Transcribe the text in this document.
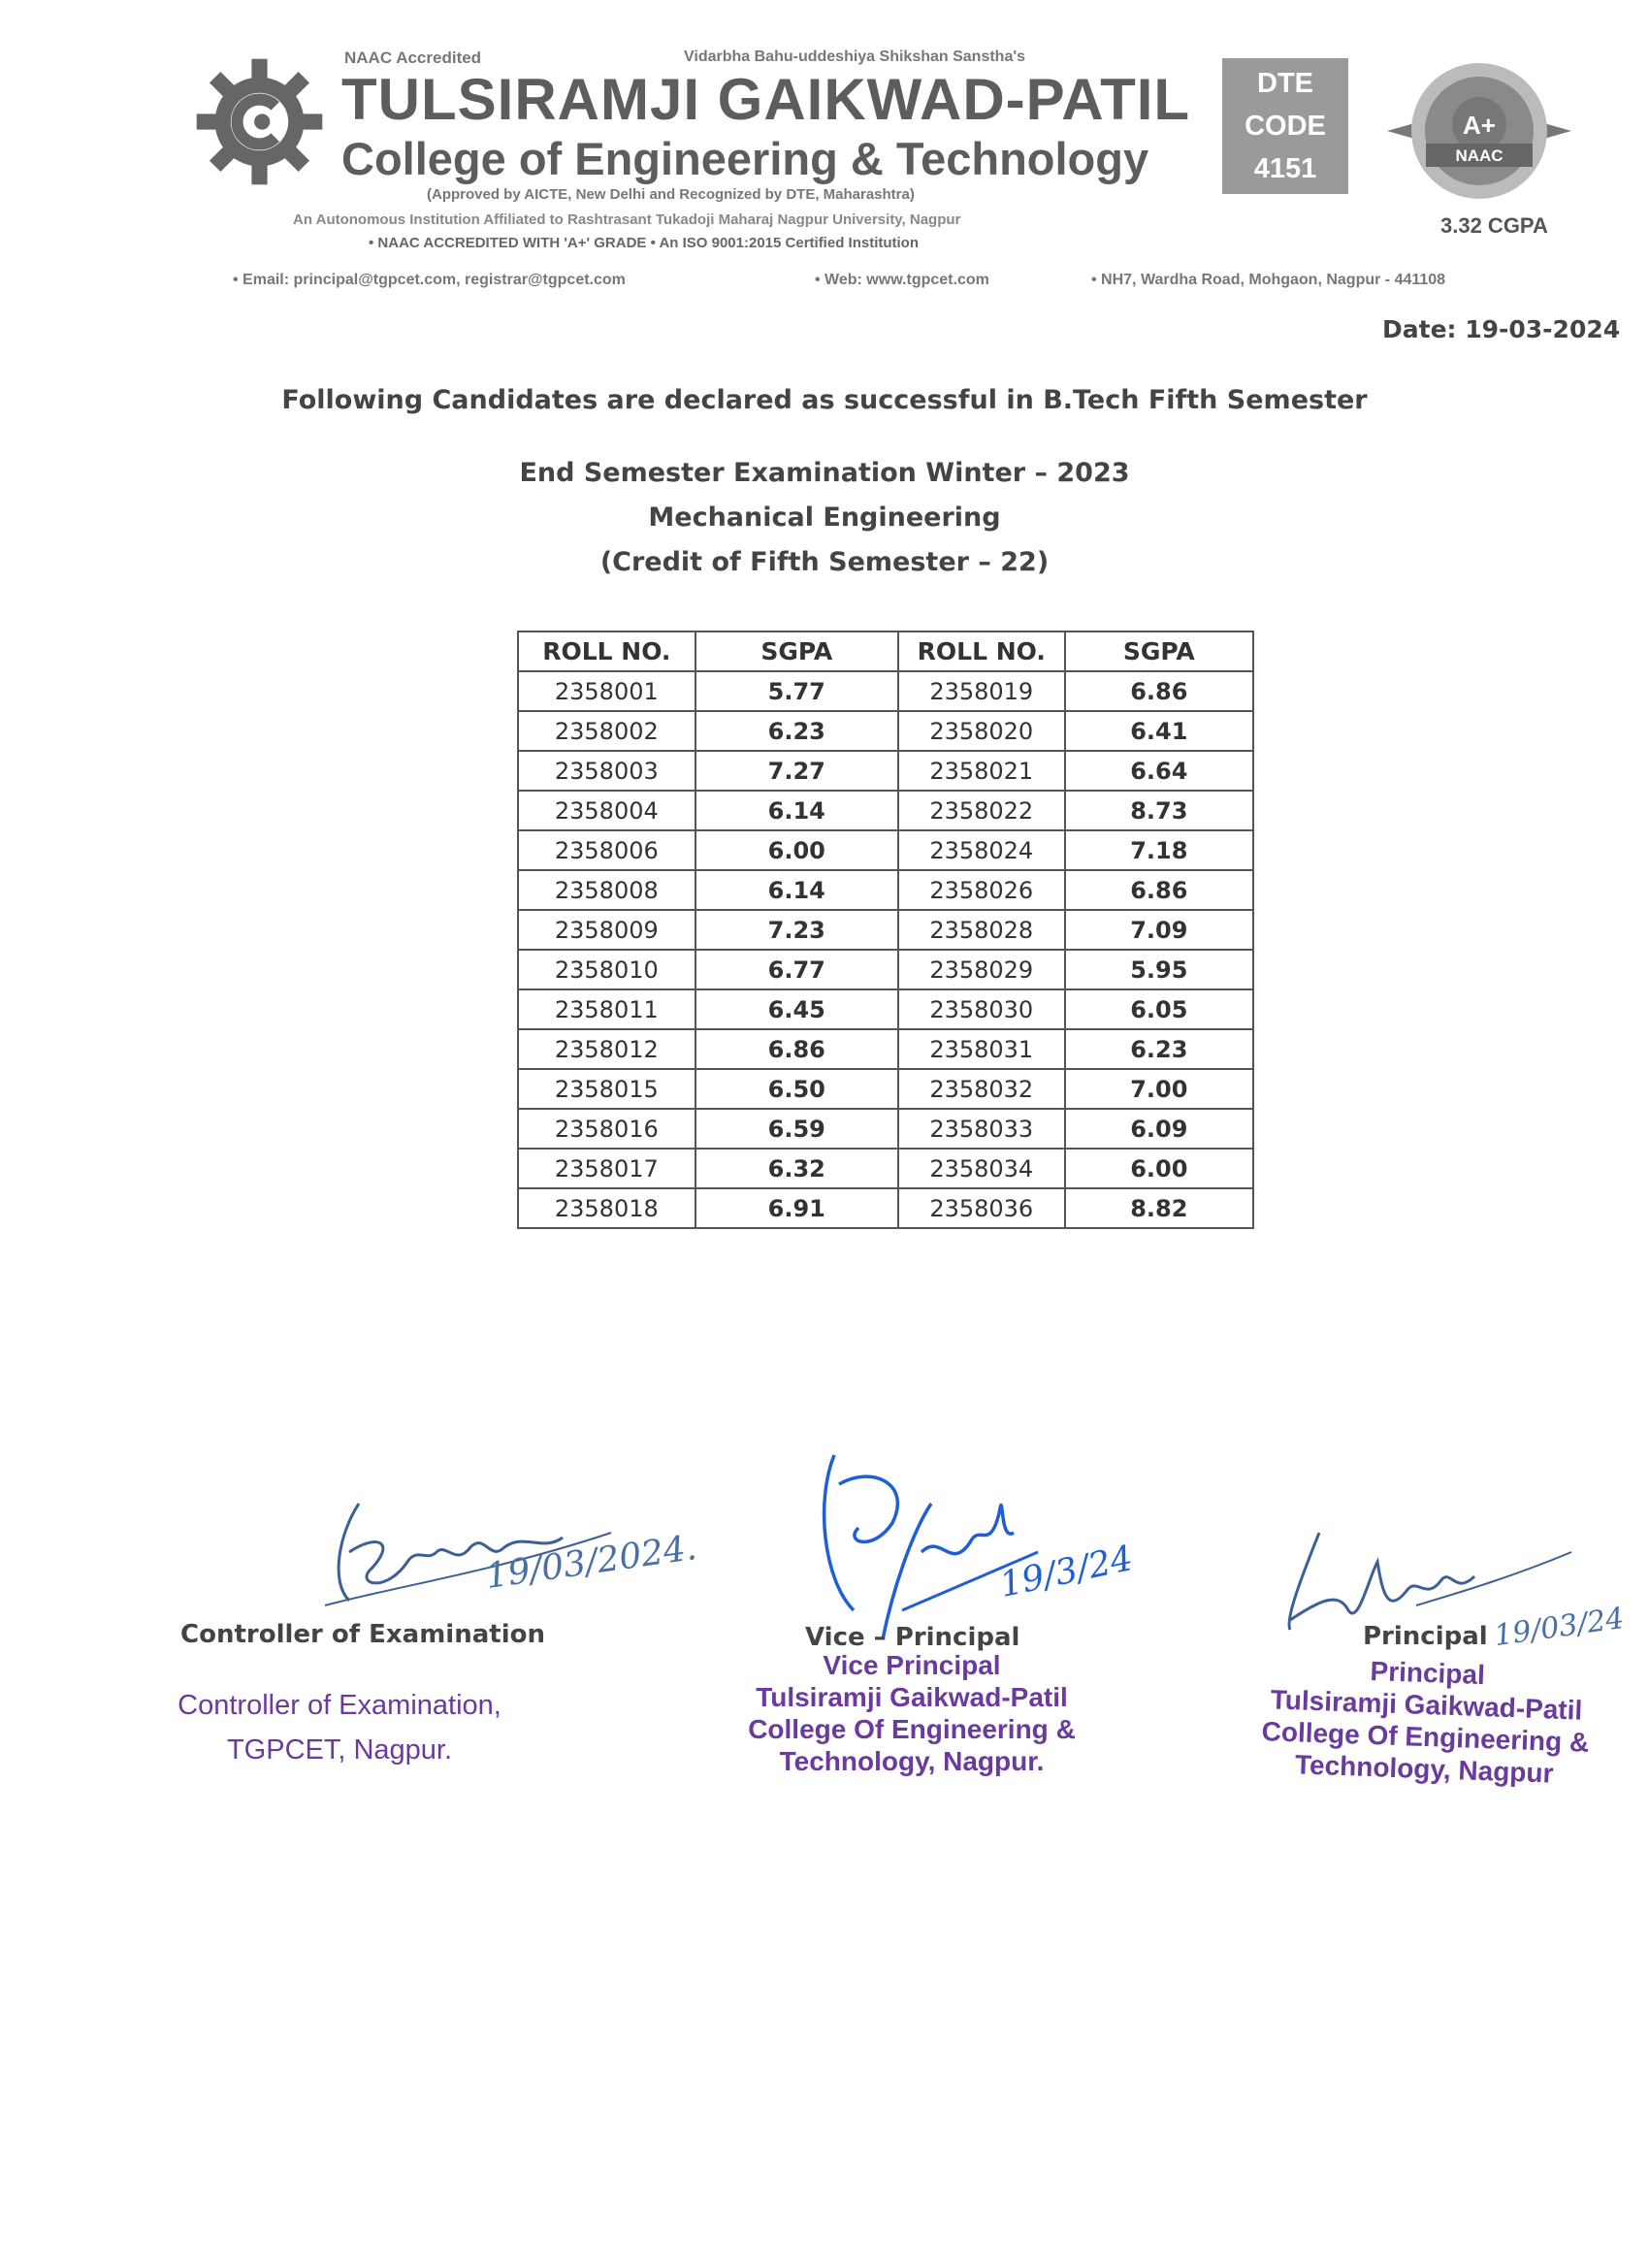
NAAC Accredited	Vidarbha Bahu-uddeshiya Shikshan Sanstha's
TULSIRAMJI GAIKWAD-PATIL
College of Engineering & Technology
(Approved by AICTE, New Delhi and Recognized by DTE, Maharashtra)
An Autonomous Institution Affiliated to Rashtrasant Tukadoji Maharaj Nagpur University, Nagpur
• NAAC ACCREDITED WITH 'A+' GRADE • An ISO 9001:2015 Certified Institution
DTE
CODE
4151
A+
NAAC
3.32 CGPA
• Email: principal@tgpcet.com, registrar@tgpcet.com	• Web: www.tgpcet.com	• NH7, Wardha Road, Mohgaon, Nagpur - 441108
Date: 19-03-2024
Following Candidates are declared as successful in B.Tech Fifth Semester
End Semester Examination Winter – 2023
Mechanical Engineering
(Credit of Fifth Semester – 22)
ROLL NO.	SGPA	ROLL NO.	SGPA
2358001	5.77	2358019	6.86
2358002	6.23	2358020	6.41
2358003	7.27	2358021	6.64
2358004	6.14	2358022	8.73
2358006	6.00	2358024	7.18
2358008	6.14	2358026	6.86
2358009	7.23	2358028	7.09
2358010	6.77	2358029	5.95
2358011	6.45	2358030	6.05
2358012	6.86	2358031	6.23
2358015	6.50	2358032	7.00
2358016	6.59	2358033	6.09
2358017	6.32	2358034	6.00
2358018	6.91	2358036	8.82
19/03/2024.
Controller of Examination
Controller of Examination,
TGPCET, Nagpur.
19/3/24
Vice – Principal
Vice Principal
Tulsiramji Gaikwad-Patil
College Of Engineering &
Technology, Nagpur.
Principal 19/03/24
Principal
Tulsiramji Gaikwad-Patil
College Of Engineering &
Technology, Nagpur
